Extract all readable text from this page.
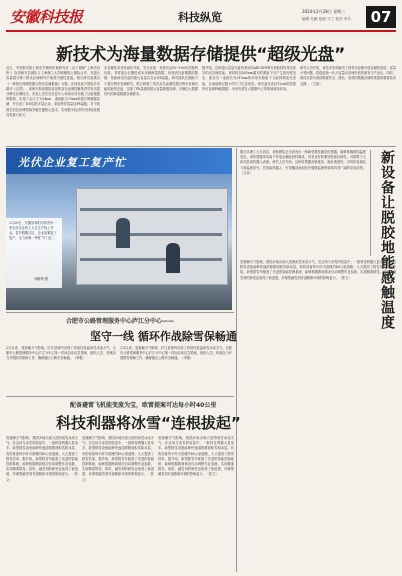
安徽科技报	科技纵览	2024年2月28日 星期三
编辑 孔鹏 组版 马兰 校对 李东	07
新技术为海量数据存储提供“超级光盘”
近日，中国科学院上海光学精密机械研究所（以下简称“上海光机所”）阮昊研究员团队与上海理工大学顾敏院士团队合作，在超大容量超分辨三维光存储研究中取得突破性进展。相关研究成果以《一种拍比特级的聚合物光存储系统》为题，在线发表于国际学术期刊《自然》。该研究利用国际首创的双光束调控聚集诱导发光超分辨光存储技术，实验上首次在信息写入和读出均突破了衍射极限的限制，实现了点尺寸为54nm、道间距为70nm的超分辨数据存储，并完成了100层的多层记录，单盘等效容量达Pb量级，对于我国在信息存储领域突破关键核心技术、实现数字经济的可持续发展具有重大意义。
光存储技术具有绿色节能、安全可靠、寿命长达50~100年的独特优势，非常适合长期低成本存储海量数据。但受到衍射极限的限制，传统商用光盘的最大容量仅在百GB量级。研究团队长期致力于超分辨光存储研究，联合研制了具有双光束调控超分辨光存储功能的新型光盘，实现了Pb量级的超大容量数据存储，可满足大数据时代的海量数据存储需求。
据介绍，这种超大容量光盘所采用的AIE-DDPR光刻胶材料具有优异的光存储性能，该材料在405nm激光的照射下可产生高亮度荧光，而在另一束波长为515nm的环形光照射下又能抑制荧光发射，从而能够以极小的尺寸记录信息。该光盘在直径12cm的范围内可存储Pb级数据，未来有望在大数据中心等领域获得应用。
研究人员介绍，该技术有效解决了现有光存储介质存储密度低、容量小等问题，将促进新一代大容量光存储介质的研发与产业化。同时，该技术将为我国构建安全、绿色、高效的数据存储体系提供重要技术支撑。（王凯）
光伏企业复工复产忙
2月20日，安徽省阜阳市界首市一家光伏企业的工人在生产线上作业。春节假期过后，企业加紧复工复产，全力冲刺一季度“开门红”。
刘勤利 摄	新设备让脱胶地能感触温度
据北京理工大学消息，该校团队近日研发出一种新型柔性触觉传感器，能够准确感知温度变化。该传感器采用离子导电水凝胶材料制成，具有良好的柔韧性和拉伸性，可贴附于人体皮肤或机器人表面。研究人员介绍，这种传感器灵敏度高、响应速度快，可同时检测压力和温度信号，在智能机器人、可穿戴设备和医疗健康监测等领域具有广阔的应用前景。（文宣）
受寒潮天气影响，我国多地出现大范围雨雪冰冻天气。在这场与冰雪的较量中，一批科技利器大显身手。新型除雪设备能够快速清除路面积雪和冰层，有的设备每小时可清理约40公里道路，大大提高了除雪效率。据介绍，新型除雪车配备了先进的智能控制系统，能够根据路面情况自动调整作业参数，实现精准除雪。同时，融雪剂的研发也取得了新进展，环保型融雪剂对道路和环境的影响更小。（张文）
合肥市公路管理服务中心庐江分中心——
坚守一线 循环作战除雪保畅通
2月以来，受寒潮天气影响，庐江县境内出现了持续性低温雨雪冰冻天气。合肥市公路管理服务中心庐江分中心第一时间启动应急预案，组织人员、机械全力开展除雪保畅工作，确保辖区公路安全畅通。（李强）
2月以来，受寒潮天气影响，庐江县境内出现了持续性低温雨雪冰冻天气。合肥市公路管理服务中心庐江分中心第一时间启动应急预案，组织人员、机械全力开展除雪保畅工作，确保辖区公路安全畅通。（李强）
配备避雷飞机能变废为宝，欧雷提案可达每小时40公里
科技利器将冰雪“连根拔起”
受寒潮天气影响，我国多地出现大范围雨雪冰冻天气。在这场与冰雪的较量中，一批科技利器大显身手。新型除雪设备能够快速清除路面积雪和冰层，有的设备每小时可清理约40公里道路，大大提高了除雪效率。据介绍，新型除雪车配备了先进的智能控制系统，能够根据路面情况自动调整作业参数，实现精准除雪。同时，融雪剂的研发也取得了新进展，环保型融雪剂对道路和环境的影响更小。（张文）
受寒潮天气影响，我国多地出现大范围雨雪冰冻天气。在这场与冰雪的较量中，一批科技利器大显身手。新型除雪设备能够快速清除路面积雪和冰层，有的设备每小时可清理约40公里道路，大大提高了除雪效率。据介绍，新型除雪车配备了先进的智能控制系统，能够根据路面情况自动调整作业参数，实现精准除雪。同时，融雪剂的研发也取得了新进展，环保型融雪剂对道路和环境的影响更小。（张文）
受寒潮天气影响，我国多地出现大范围雨雪冰冻天气。在这场与冰雪的较量中，一批科技利器大显身手。新型除雪设备能够快速清除路面积雪和冰层，有的设备每小时可清理约40公里道路，大大提高了除雪效率。据介绍，新型除雪车配备了先进的智能控制系统，能够根据路面情况自动调整作业参数，实现精准除雪。同时，融雪剂的研发也取得了新进展，环保型融雪剂对道路和环境的影响更小。（张文）
